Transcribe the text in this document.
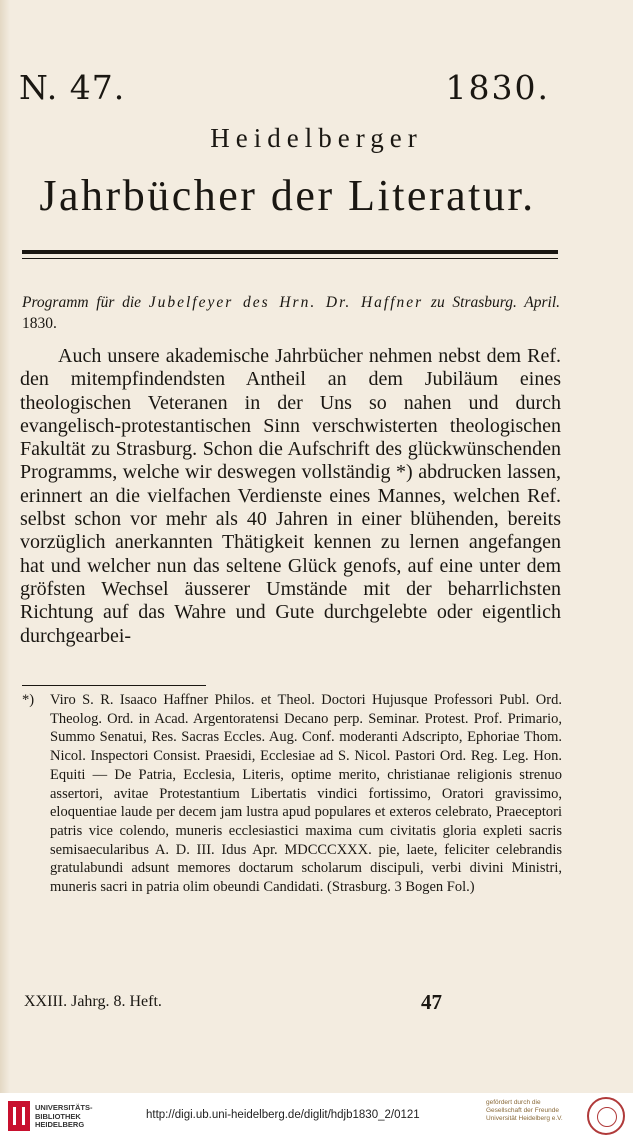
N. 47.	1830.
Heidelberger
Jahrbücher der Literatur.
Programm für die Jubelfeyer des Hrn. Dr. Haffner zu Strasburg. April. 1830.
Auch unsere akademische Jahrbücher nehmen nebst dem Ref. den mitempfindendsten Antheil an dem Jubiläum eines theologischen Veteranen in der Uns so nahen und durch evangelisch-protestantischen Sinn verschwisterten theologischen Fakultät zu Strasburg. Schon die Aufschrift des glückwünschenden Programms, welche wir deswegen vollständig *) abdrucken lassen, erinnert an die vielfachen Verdienste eines Mannes, welchen Ref. selbst schon vor mehr als 40 Jahren in einer blühenden, bereits vorzüglich anerkannten Thätigkeit kennen zu lernen angefangen hat und welcher nun das seltene Glück genofs, auf eine unter dem gröfsten Wechsel äusserer Umstände mit der beharrlichsten Richtung auf das Wahre und Gute durchgelebte oder eigentlich durchgearbei-
*)	Viro S. R. Isaaco Haffner Philos. et Theol. Doctori Hujusque Professori Publ. Ord. Theolog. Ord. in Acad. Argentoratensi Decano perp. Seminar. Protest. Prof. Primario, Summo Senatui, Res. Sacras Eccles. Aug. Conf. moderanti Adscripto, Ephoriae Thom. Nicol. Inspectori Consist. Praesidi, Ecclesiae ad S. Nicol. Pastori Ord. Reg. Leg. Hon. Equiti — De Patria, Ecclesia, Literis, optime merito, christianae religionis strenuo assertori, avitae Protestantium Libertatis vindici fortissimo, Oratori gravissimo, eloquentiae laude per decem jam lustra apud populares et exteros celebrato, Praeceptori patris vice colendo, muneris ecclesiastici maxima cum civitatis gloria expleti sacris semisaecularibus A. D. III. Idus Apr. MDCCCXXX. pie, laete, feliciter celebrandis gratulabundi adsunt memores doctarum scholarum discipuli, verbi divini Ministri, muneris sacri in patria olim obeundi Candidati. (Strasburg. 3 Bogen Fol.)
XXIII. Jahrg. 8. Heft.	47
UNIVERSITÄTS-
BIBLIOTHEK
HEIDELBERG
http://digi.ub.uni-heidelberg.de/diglit/hdjb1830_2/0121
gefördert durch die
Gesellschaft der Freunde
Universität Heidelberg e.V.
